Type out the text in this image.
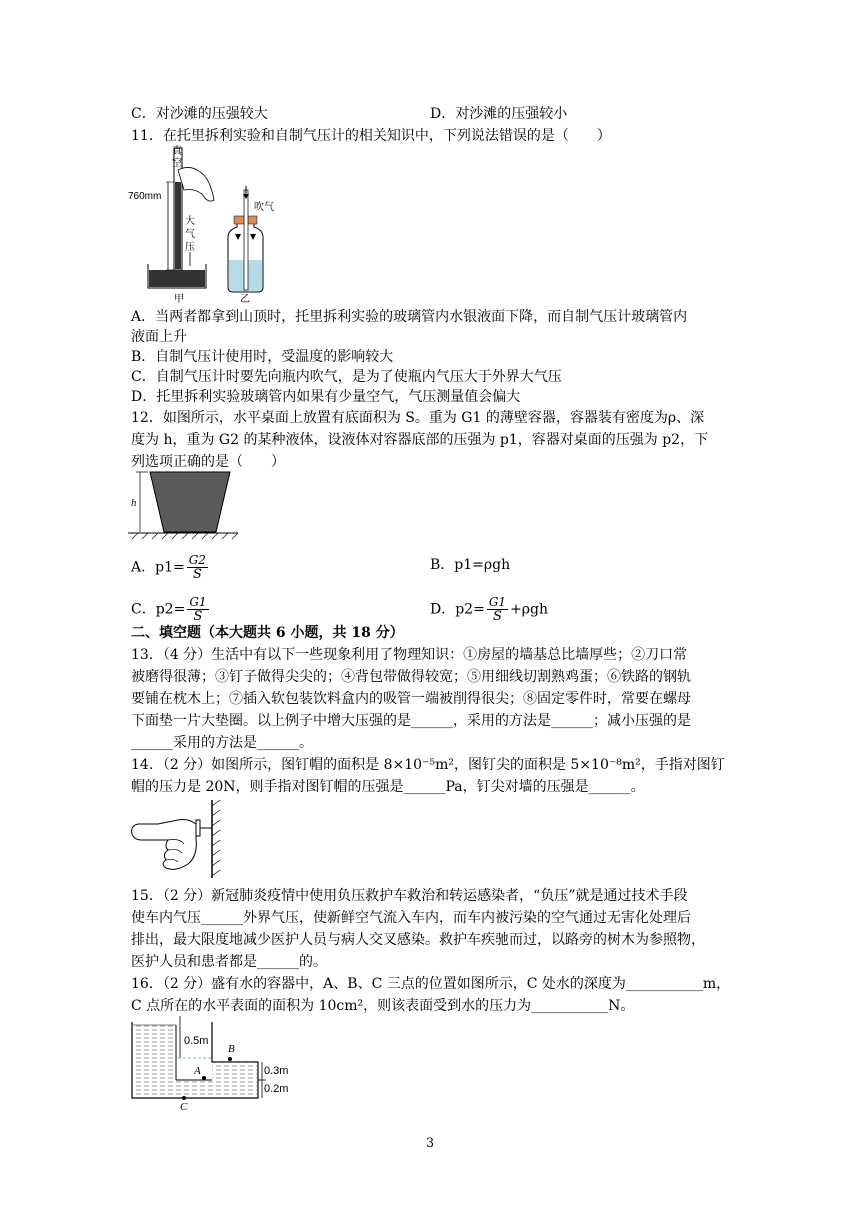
C．对沙滩的压强较大	D．对沙滩的压强较小
11．在托里拆利实验和自制气压计的相关知识中，下列说法错误的是（　　）
760mm
真
空
大
气
压
甲
吹气
乙
A．当两者都拿到山顶时，托里拆利实验的玻璃管内水银液面下降，而自制气压计玻璃管内
液面上升
B．自制气压计使用时，受温度的影响较大
C．自制气压计时要先向瓶内吹气，是为了使瓶内气压大于外界大气压
D．托里拆利实验玻璃管内如果有少量空气，气压测量值会偏大
12．如图所示，水平桌面上放置有底面积为 S。重为 G1 的薄壁容器，容器装有密度为ρ、深
度为 h，重为 G2 的某种液体，设液体对容器底部的压强为 p1，容器对桌面的压强为 p2，下
列选项正确的是（　　）
h
A．$p1= \frac{G2}{S}$	B．p1=ρgh
C．$p2= \frac{G1}{S}$	D．$p2= \frac{G1}{S} +\rho gh$
二、填空题（本大题共 6 小题，共 18 分）
13．（4 分）生活中有以下一些现象利用了物理知识：①房屋的墙基总比墙厚些；②刀口常
被磨得很薄；③钉子做得尖尖的；④背包带做得较宽；⑤用细线切割熟鸡蛋；⑥铁路的钢轨
要铺在枕木上；⑦插入软包装饮料盒内的吸管一端被削得很尖；⑧固定零件时，常要在螺母
下面垫一片大垫圈。以上例子中增大压强的是______，采用的方法是______；减小压强的是
______采用的方法是______。
14．（2 分）如图所示，图钉帽的面积是 8×10⁻⁵m²，图钉尖的面积是 5×10⁻⁸m²，手指对图钉
帽的压力是 20N，则手指对图钉帽的压强是______Pa，钉尖对墙的压强是______。
15．（2 分）新冠肺炎疫情中使用负压救护车救治和转运感染者，“负压”就是通过技术手段
使车内气压______外界气压，使新鲜空气流入车内，而车内被污染的空气通过无害化处理后
排出，最大限度地减少医护人员与病人交叉感染。救护车疾驰而过，以路旁的树木为参照物，
医护人员和患者都是______的。
16．（2 分）盛有水的容器中，A、B、C 三点的位置如图所示，C 处水的深度为___________m，
C 点所在的水平表面的面积为 10cm²，则该表面受到水的压力为___________N。
0.5m
B
A	0.3m
0.2m
C
3
